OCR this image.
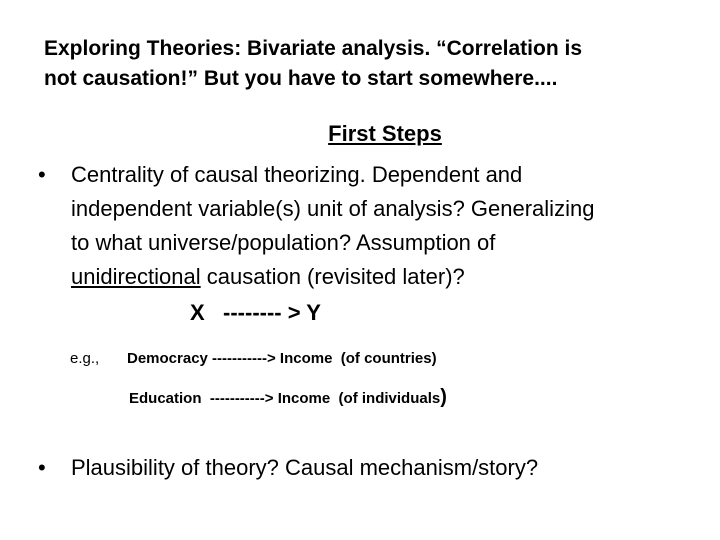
Exploring Theories: Bivariate analysis. “Correlation is
not causation!” But you have to start somewhere....
First Steps
• Centrality of causal theorizing. Dependent and
independent variable(s) unit of analysis? Generalizing
to what universe/population? Assumption of
unidirectional causation (revisited later)?
X   -------- > Y
e.g., Democracy -----------> Income  (of countries)
Education  -----------> Income  (of individuals)
• Plausibility of theory? Causal mechanism/story?
